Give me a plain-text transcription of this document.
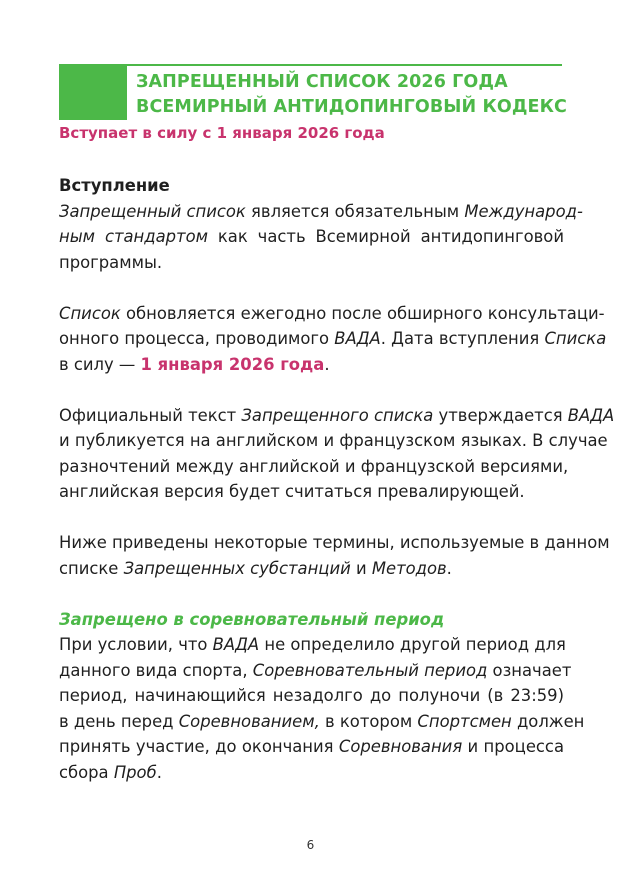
ЗАПРЕЩЕННЫЙ СПИСОК 2026 ГОДА
ВСЕМИРНЫЙ АНТИДОПИНГОВЫЙ КОДЕКС
Вступает в силу с 1 января 2026 года

Вступление

Запрещенный список является обязательным Международ-
ным стандартом как часть Всемирной антидопинговой
программы.

Список обновляется ежегодно после обширного консультаци-
онного процесса, проводимого ВАДА. Дата вступления Списка
в силу — 1 января 2026 года.

Официальный текст Запрещенного списка утверждается ВАДА
и публикуется на английском и французском языках. В случае
разночтений между английской и французской версиями,
английская версия будет считаться превалирующей.

Ниже приведены некоторые термины, используемые в данном
списке Запрещенных субстанций и Методов.

Запрещено в соревновательный период

При условии, что ВАДА не определило другой период для
данного вида спорта, Соревновательный период означает
период, начинающийся незадолго до полуночи (в 23:59)
в день перед Соревнованием, в котором Спортсмен должен
принять участие, до окончания Соревнования и процесса
сбора Проб.

6
